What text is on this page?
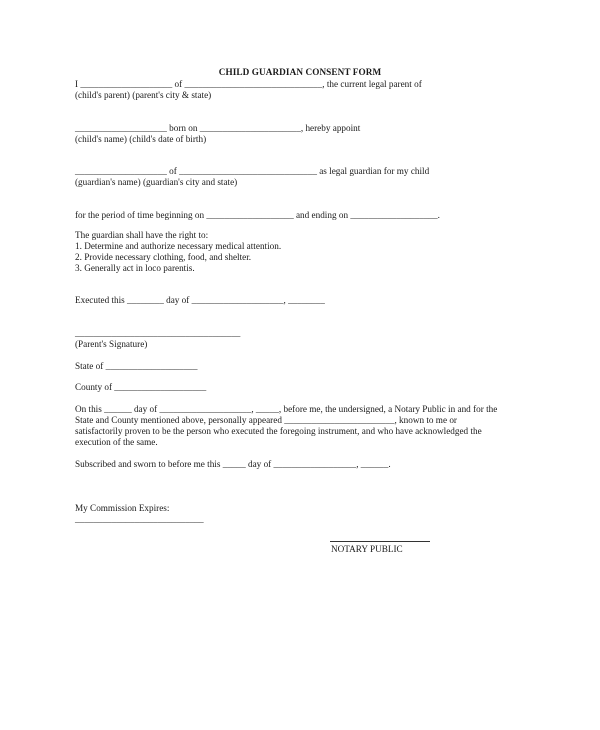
CHILD GUARDIAN CONSENT FORM
I ____________________ of ______________________________, the current legal parent of
(child's parent) (parent's city & state)
____________________ born on ______________________, hereby appoint
(child's name) (child's date of birth)
____________________ of ______________________________ as legal guardian for my child
(guardian's name) (guardian's city and state)
for the period of time beginning on ___________________ and ending on ___________________.
The guardian shall have the right to:
1. Determine and authorize necessary medical attention.
2. Provide necessary clothing, food, and shelter.
3. Generally act in loco parentis.
Executed this ________ day of ____________________, ________
____________________________________
(Parent's Signature)
State of ____________________
County of ____________________
On this ______ day of ____________________, _____, before me, the undersigned, a Notary Public in and for the
State and County mentioned above, personally appeared ________________________, known to me or
satisfactorily proven to be the person who executed the foregoing instrument, and who have acknowledged the
execution of the same.
Subscribed and sworn to before me this _____ day of __________________, ______.
My Commission Expires:
____________________________
NOTARY PUBLIC
